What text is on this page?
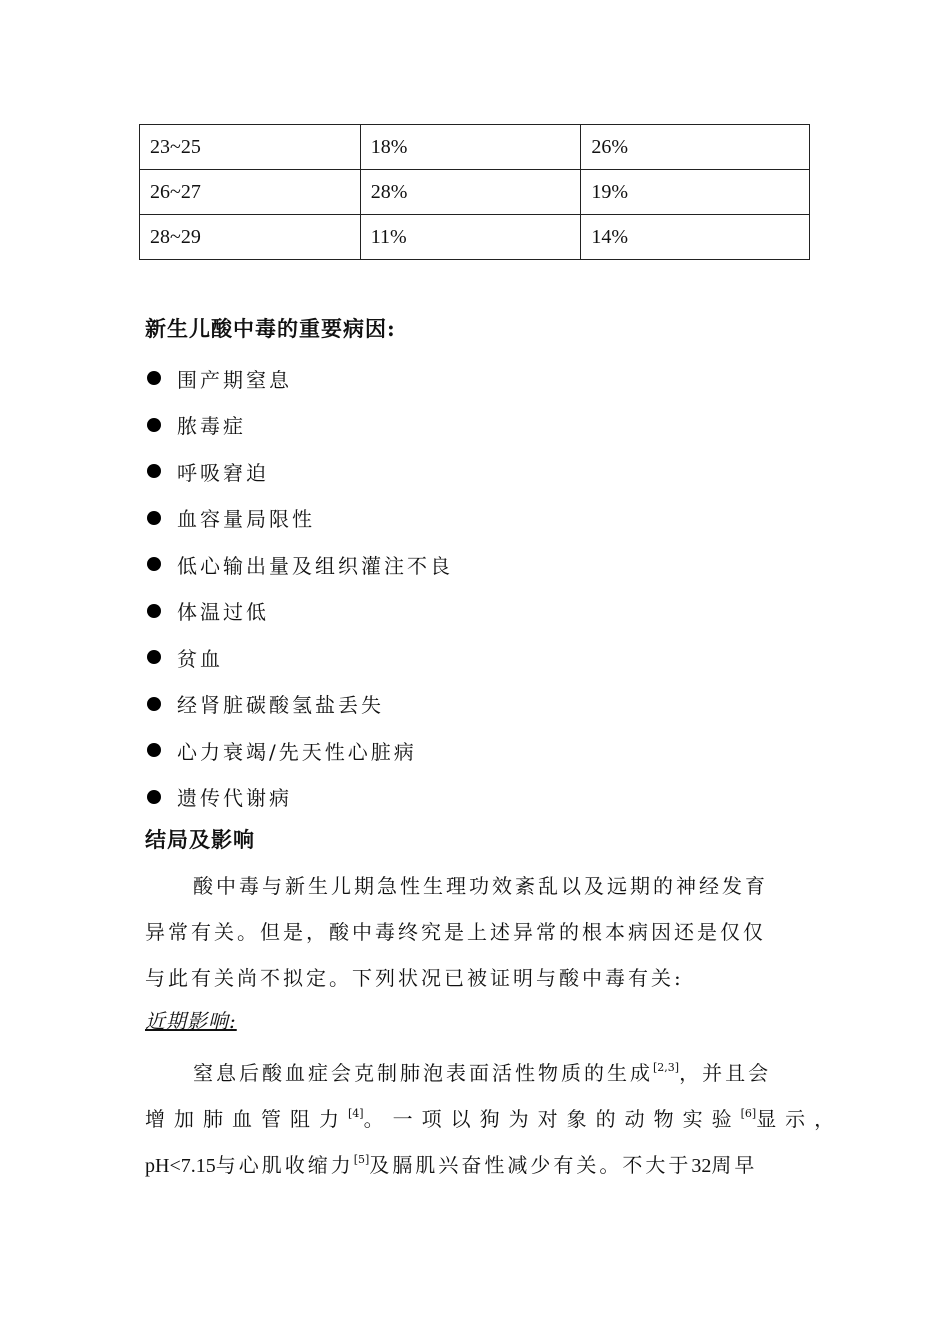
23~25	18%	26%
26~27	28%	19%
28~29	11%	14%
新生儿酸中毒的重要病因:
围产期窒息
脓毒症
呼吸窘迫
血容量局限性
低心输出量及组织灌注不良
体温过低
贫血
经肾脏碳酸氢盐丢失
心力衰竭/先天性心脏病
遗传代谢病
结局及影响
酸中毒与新生儿期急性生理功效紊乱以及远期的神经发育
异常有关。但是，酸中毒终究是上述异常的根本病因还是仅仅
与此有关尚不拟定。下列状况已被证明与酸中毒有关:
近期影响:
窒息后酸血症会克制肺泡表面活性物质的生成[2,3]，并且会
增加肺血管阻力[4]。一项以狗为对象的动物实验[6]显示，
pH<7.15与心肌收缩力[5]及膈肌兴奋性减少有关。不大于32周早
